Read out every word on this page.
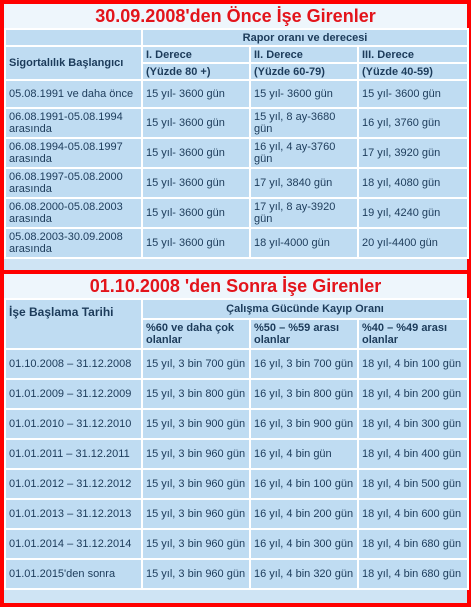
30.09.2008'den Önce İşe Girenler
	Rapor oranı ve derecesi		
Sigortalılık Başlangıcı	I. Derece	II. Derece	III. Derece
	(Yüzde 80 +)	(Yüzde 60-79)	(Yüzde 40-59)
05.08.1991 ve daha önce	15 yıl- 3600 gün	15 yıl- 3600 gün	15 yıl- 3600 gün
06.08.1991-05.08.1994 arasında	15 yıl- 3600 gün	15 yıl, 8 ay-3680 gün	16 yıl, 3760 gün
06.08.1994-05.08.1997 arasında	15 yıl- 3600 gün	16 yıl, 4 ay-3760 gün	17 yıl, 3920 gün
06.08.1997-05.08.2000 arasında	15 yıl- 3600 gün	17 yıl, 3840 gün	18 yıl, 4080 gün
06.08.2000-05.08.2003 arasında	15 yıl- 3600 gün	17 yıl, 8 ay-3920 gün	19 yıl, 4240 gün
05.08.2003-30.09.2008 arasında	15 yıl- 3600 gün	18 yıl-4000 gün	20 yıl-4400 gün
01.10.2008 'den Sonra İşe Girenler
İşe Başlama Tarihi	Çalışma Gücünde Kayıp Oranı		
	%60 ve daha çok olanlar	%50 – %59 arası olanlar	%40 – %49 arası olanlar
01.10.2008 – 31.12.2008	15 yıl, 3 bin 700 gün	16 yıl, 3 bin 700 gün	18 yıl, 4 bin 100 gün
01.01.2009 – 31.12.2009	15 yıl, 3 bin 800 gün	16 yıl, 3 bin 800 gün	18 yıl, 4 bin 200 gün
01.01.2010 – 31.12.2010	15 yıl, 3 bin 900 gün	16 yıl, 3 bin 900 gün	18 yıl, 4 bin 300 gün
01.01.2011 – 31.12.2011	15 yıl, 3 bin 960 gün	16 yıl, 4 bin gün	18 yıl, 4 bin 400 gün
01.01.2012 – 31.12.2012	15 yıl, 3 bin 960 gün	16 yıl, 4 bin 100 gün	18 yıl, 4 bin 500 gün
01.01.2013 – 31.12.2013	15 yıl, 3 bin 960 gün	16 yıl, 4 bin 200 gün	18 yıl, 4 bin 600 gün
01.01.2014 – 31.12.2014	15 yıl, 3 bin 960 gün	16 yıl, 4 bin 300 gün	18 yıl, 4 bin 680 gün
01.01.2015'den sonra	15 yıl, 3 bin 960 gün	16 yıl, 4 bin 320 gün	18 yıl, 4 bin 680 gün
